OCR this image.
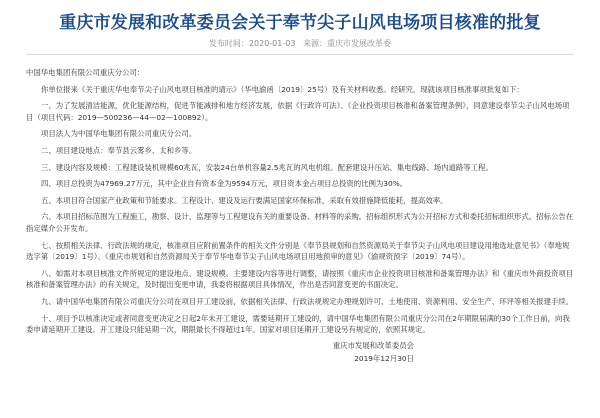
重庆市发展和改革委员会关于奉节尖子山风电场项目核准的批复
发布时间：2020-01-03 来源：重庆市发展改革委

中国华电集团有限公司重庆分公司：

你单位报来《关于重庆华电奉节尖子山风电项目核准的请示》（华电渝函〔2019〕25号）及有关材料收悉。经研究，现就该项目核准事项批复如下：

一、为了发展清洁能源，优化能源结构，促进节能减排和地方经济发展，依据《行政许可法》、《企业投资项目核准和备案管理条例》，同意建设奉节尖子山风电场项目（项目代码：2019—500236—44—02—100892）。

项目法人为中国华电集团有限公司重庆分公司。

二、项目建设地点：奉节县云雾乡、太和乡等。

三、建设内容及规模：工程建设装机规模60兆瓦，安装24台单机容量2.5兆瓦的风电机组。配套建设升压站、集电线路、场内道路等工程。

四、项目总投资为47969.27万元，其中企业自有资本金为9594万元，项目资本金占项目总投资的比例为30%。

五、本项目符合国家产业政策和节能要求。工程设计、建设及运行要满足国家环保标准，采取有效措施降低能耗，提高效率。

六、本项目招标范围为工程施工，勘察、设计、监理等与工程建设有关的重要设备、材料等的采购。招标组织形式为公开招标方式和委托招标组织形式。招标公告在指定媒介公开发布。

七、按照相关法律、行政法规的规定，核准项目应附前置条件的相关文件分别是《奉节县规划和自然资源局关于奉节尖子山风电项目建设用地选址意见书》（奉地规选字第〔2019〕1号）、《重庆市规划和自然资源局关于奉节华电奉节尖子山风电场项目用地预审的意见》（渝规资预字〔2019〕74号）。

八、如需对本项目核准文件所规定的建设地点、建设规模、主要建设内容等进行调整，请按照《重庆市企业投资项目核准和备案管理办法》和《重庆市外商投资项目核准和备案管理办法》的有关规定，及时提出变更申请，我委将根据项目具体情况，作出是否同意变更的书面决定。

九、请中国华电集团有限公司重庆分公司在项目开工建设前，依据相关法律、行政法规规定办理规划许可、土地使用、资源利用、安全生产、环评等相关报建手续。

十、项目予以核准决定或者同意变更决定之日起2年未开工建设，需要延期开工建设的，请中国华电集团有限公司重庆分公司在2年期限届满的30个工作日前，向我委申请延期开工建设。开工建设只能延期一次，期限最长不得超过1年。国家对项目延期开工建设另有规定的，依照其规定。

重庆市发展和改革委员会
2019年12月30日
